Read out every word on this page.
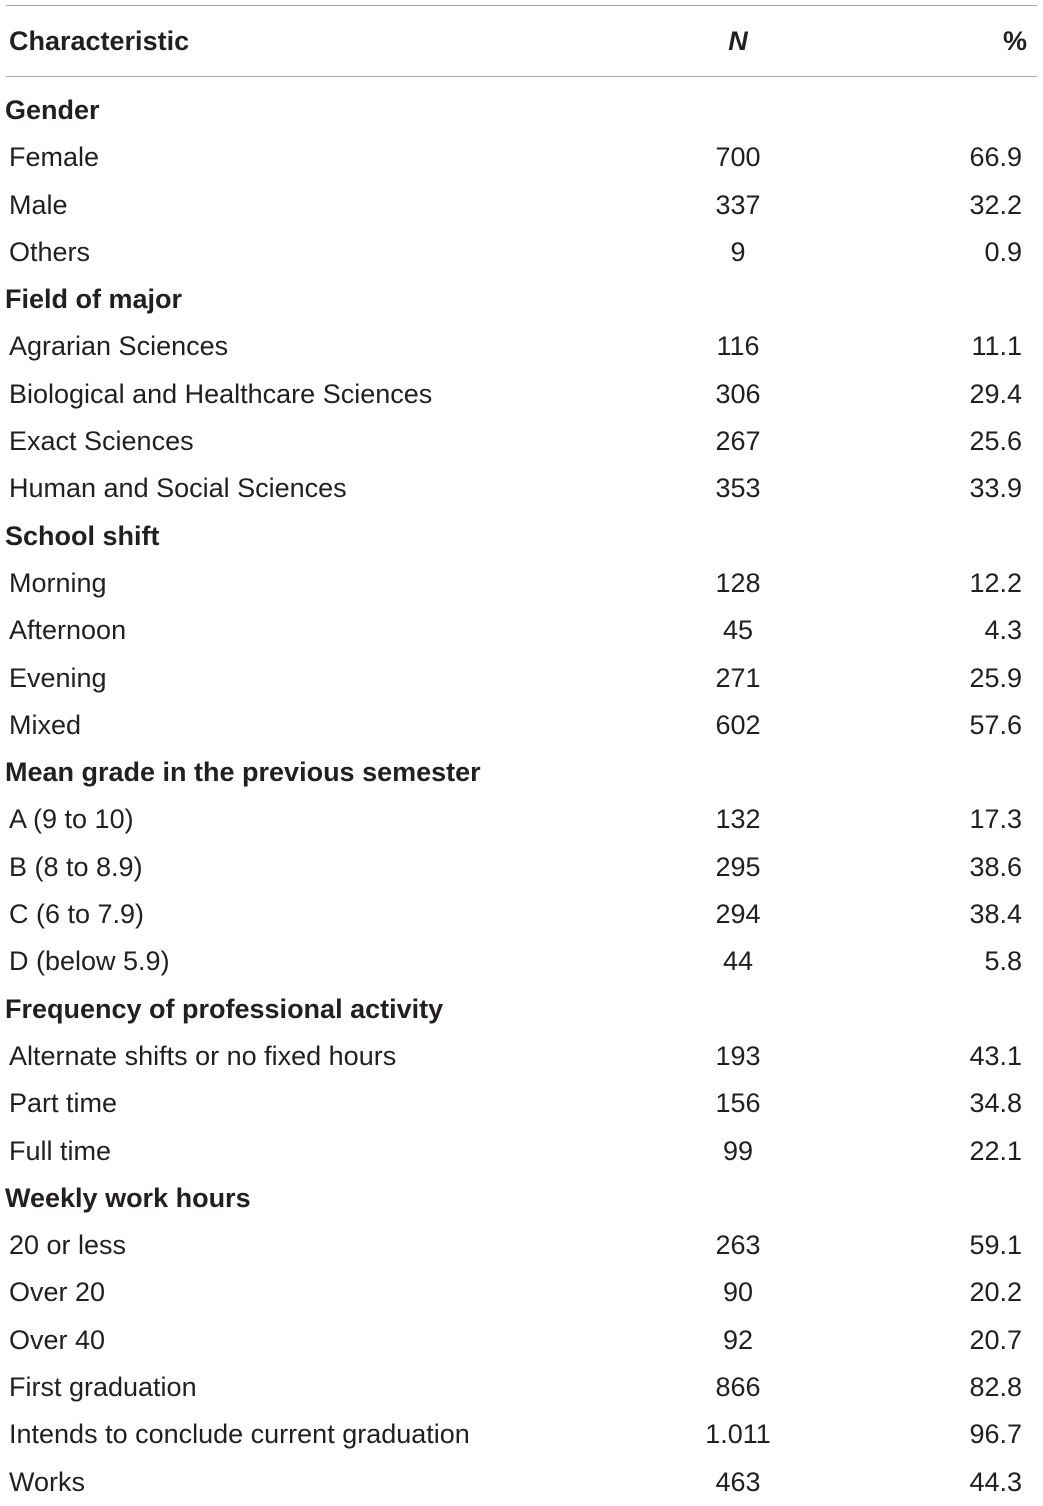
Characteristic	N	%
Gender
Female	700	66.9
Male	337	32.2
Others	9	0.9
Field of major
Agrarian Sciences	116	11.1
Biological and Healthcare Sciences	306	29.4
Exact Sciences	267	25.6
Human and Social Sciences	353	33.9
School shift
Morning	128	12.2
Afternoon	45	4.3
Evening	271	25.9
Mixed	602	57.6
Mean grade in the previous semester
A (9 to 10)	132	17.3
B (8 to 8.9)	295	38.6
C (6 to 7.9)	294	38.4
D (below 5.9)	44	5.8
Frequency of professional activity
Alternate shifts or no fixed hours	193	43.1
Part time	156	34.8
Full time	99	22.1
Weekly work hours
20 or less	263	59.1
Over 20	90	20.2
Over 40	92	20.7
First graduation	866	82.8
Intends to conclude current graduation	1.011	96.7
Works	463	44.3
